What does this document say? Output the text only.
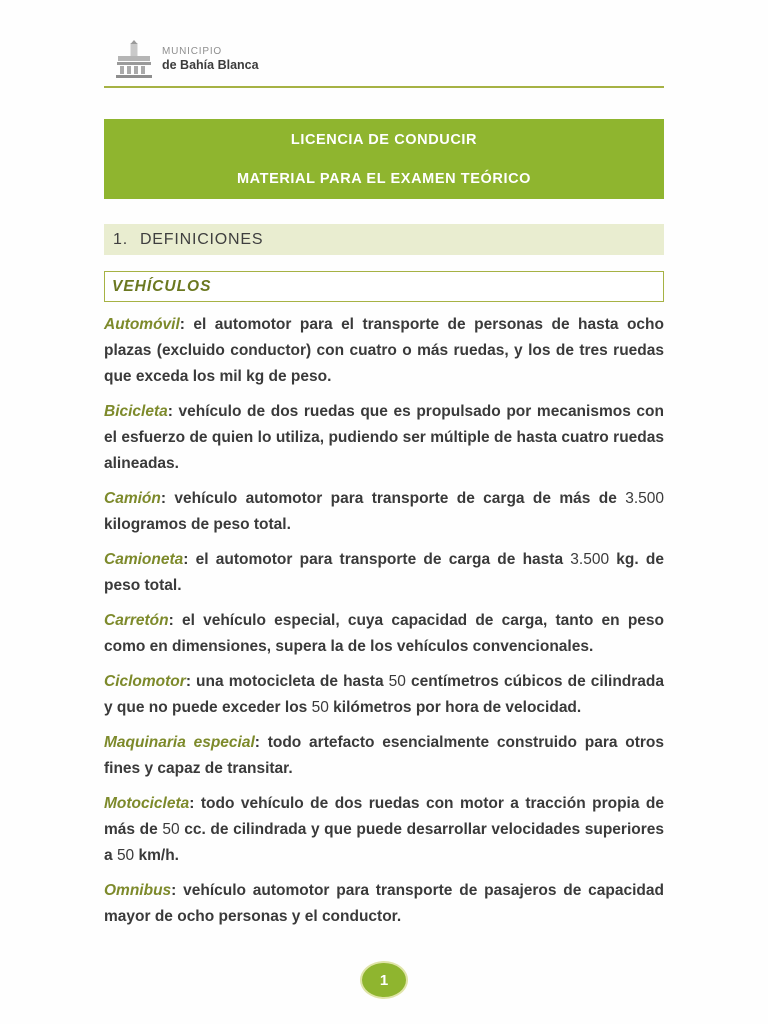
MUNICIPIO
de Bahía Blanca
LICENCIA DE CONDUCIR
MATERIAL PARA EL EXAMEN TEÓRICO
1. DEFINICIONES
VEHÍCULOS

Automóvil: el automotor para el transporte de personas de hasta ocho plazas (excluido conductor) con cuatro o más ruedas, y los de tres ruedas que exceda los mil kg de peso.

Bicicleta: vehículo de dos ruedas que es propulsado por mecanismos con el esfuerzo de quien lo utiliza, pudiendo ser múltiple de hasta cuatro ruedas alineadas.

Camión: vehículo automotor para transporte de carga de más de 3.500 kilogramos de peso total.

Camioneta: el automotor para transporte de carga de hasta 3.500 kg. de peso total.

Carretón: el vehículo especial, cuya capacidad de carga, tanto en peso como en dimensiones, supera la de los vehículos convencionales.

Ciclomotor: una motocicleta de hasta 50 centímetros cúbicos de cilindrada y que no puede exceder los 50 kilómetros por hora de velocidad.

Maquinaria especial: todo artefacto esencialmente construido para otros fines y capaz de transitar.

Motocicleta: todo vehículo de dos ruedas con motor a tracción propia de más de 50 cc. de cilindrada y que puede desarrollar velocidades superiores a 50 km/h.

Omnibus: vehículo automotor para transporte de pasajeros de capacidad mayor de ocho personas y el conductor.

1
